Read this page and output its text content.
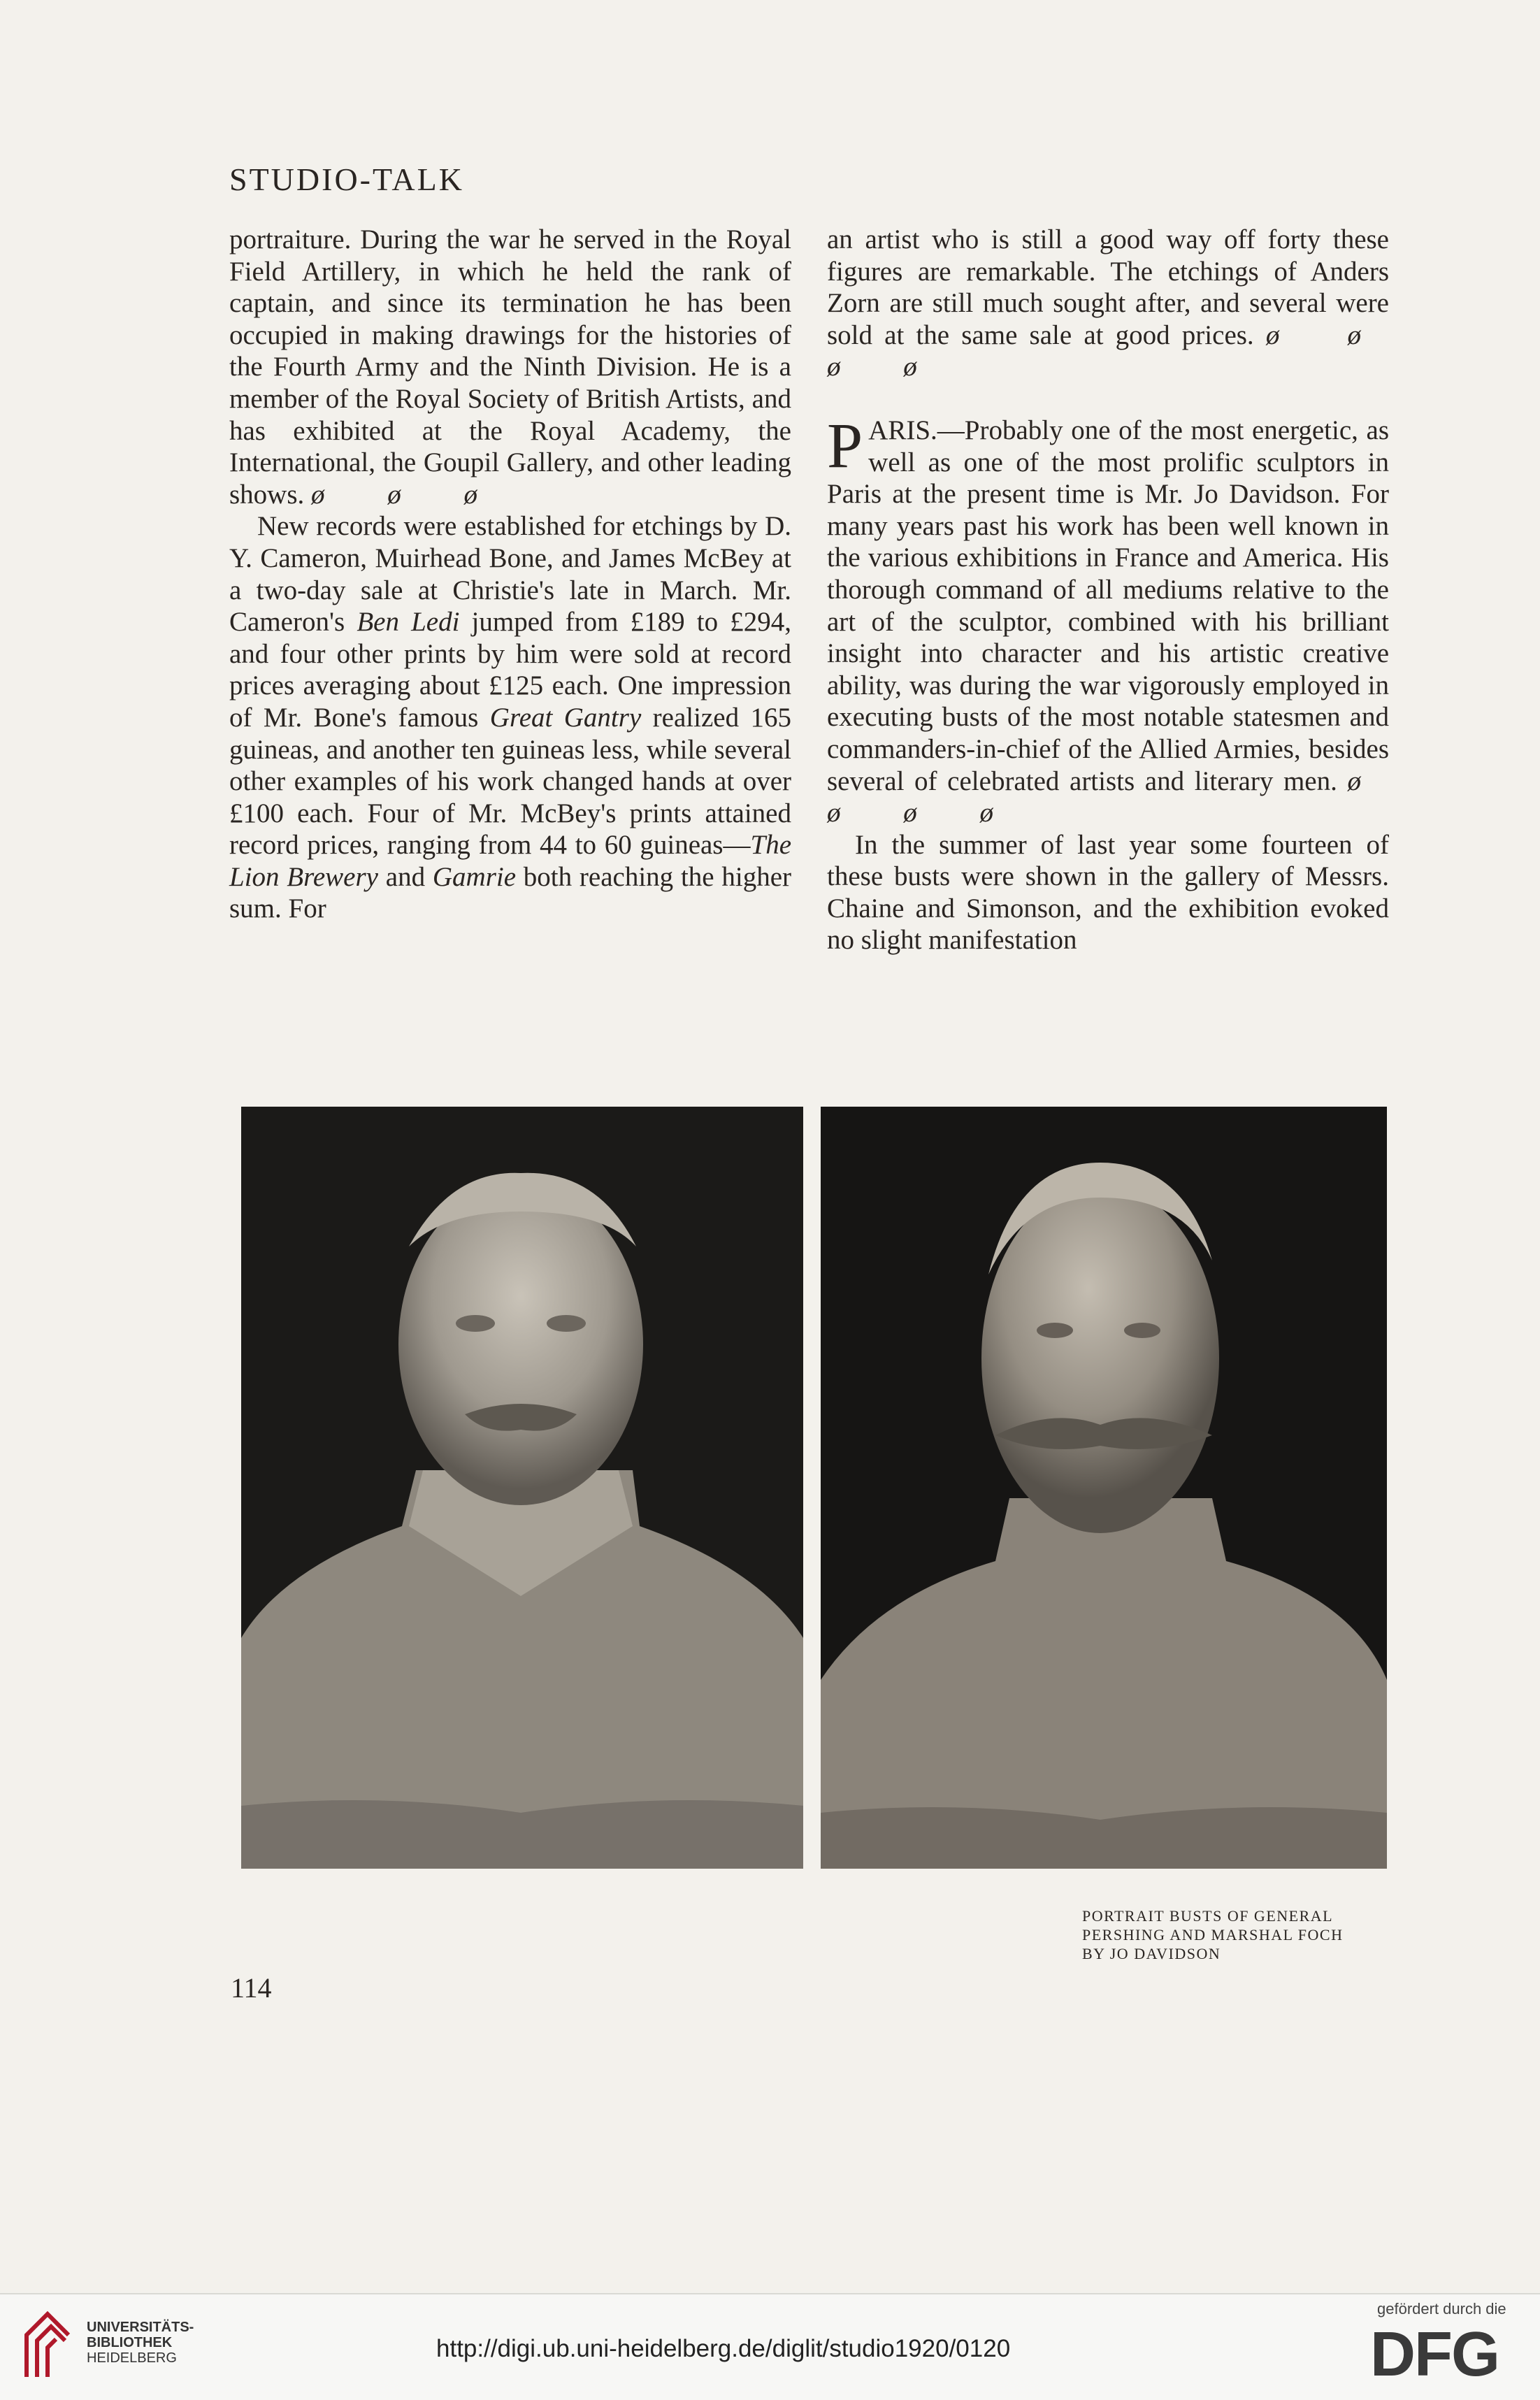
STUDIO-TALK

portraiture. During the war he served in the Royal Field Artillery, in which he held the rank of captain, and since its termination he has been occupied in making drawings for the histories of the Fourth Army and the Ninth Division. He is a member of the Royal Society of British Artists, and has exhibited at the Royal Academy, the International, the Goupil Gallery, and other leading shows. ø ø ø

New records were established for etchings by D. Y. Cameron, Muirhead Bone, and James McBey at a two-day sale at Christie's late in March. Mr. Cameron's Ben Ledi jumped from £189 to £294, and four other prints by him were sold at record prices averaging about £125 each. One impression of Mr. Bone's famous Great Gantry realized 165 guineas, and another ten guineas less, while several other examples of his work changed hands at over £100 each. Four of Mr. McBey's prints attained record prices, ranging from 44 to 60 guineas—The Lion Brewery and Gamrie both reaching the higher sum. For

an artist who is still a good way off forty these figures are remarkable. The etchings of Anders Zorn are still much sought after, and several were sold at the same sale at good prices. ø ø ø ø

PARIS.—Probably one of the most energetic, as well as one of the most prolific sculptors in Paris at the present time is Mr. Jo Davidson. For many years past his work has been well known in the various exhibitions in France and America. His thorough command of all mediums relative to the art of the sculptor, combined with his brilliant insight into character and his artistic creative ability, was during the war vigorously employed in executing busts of the most notable statesmen and commanders-in-chief of the Allied Armies, besides several of celebrated artists and literary men. ø ø ø ø

In the summer of last year some fourteen of these busts were shown in the gallery of Messrs. Chaine and Simonson, and the exhibition evoked no slight manifestation

PORTRAIT BUSTS OF GENERAL
PERSHING AND MARSHAL FOCH
BY JO DAVIDSON
114
UNIVERSITÄTS-
BIBLIOTHEK
HEIDELBERG	http://digi.ub.uni-heidelberg.de/diglit/studio1920/0120
gefördert durch die
DFG
